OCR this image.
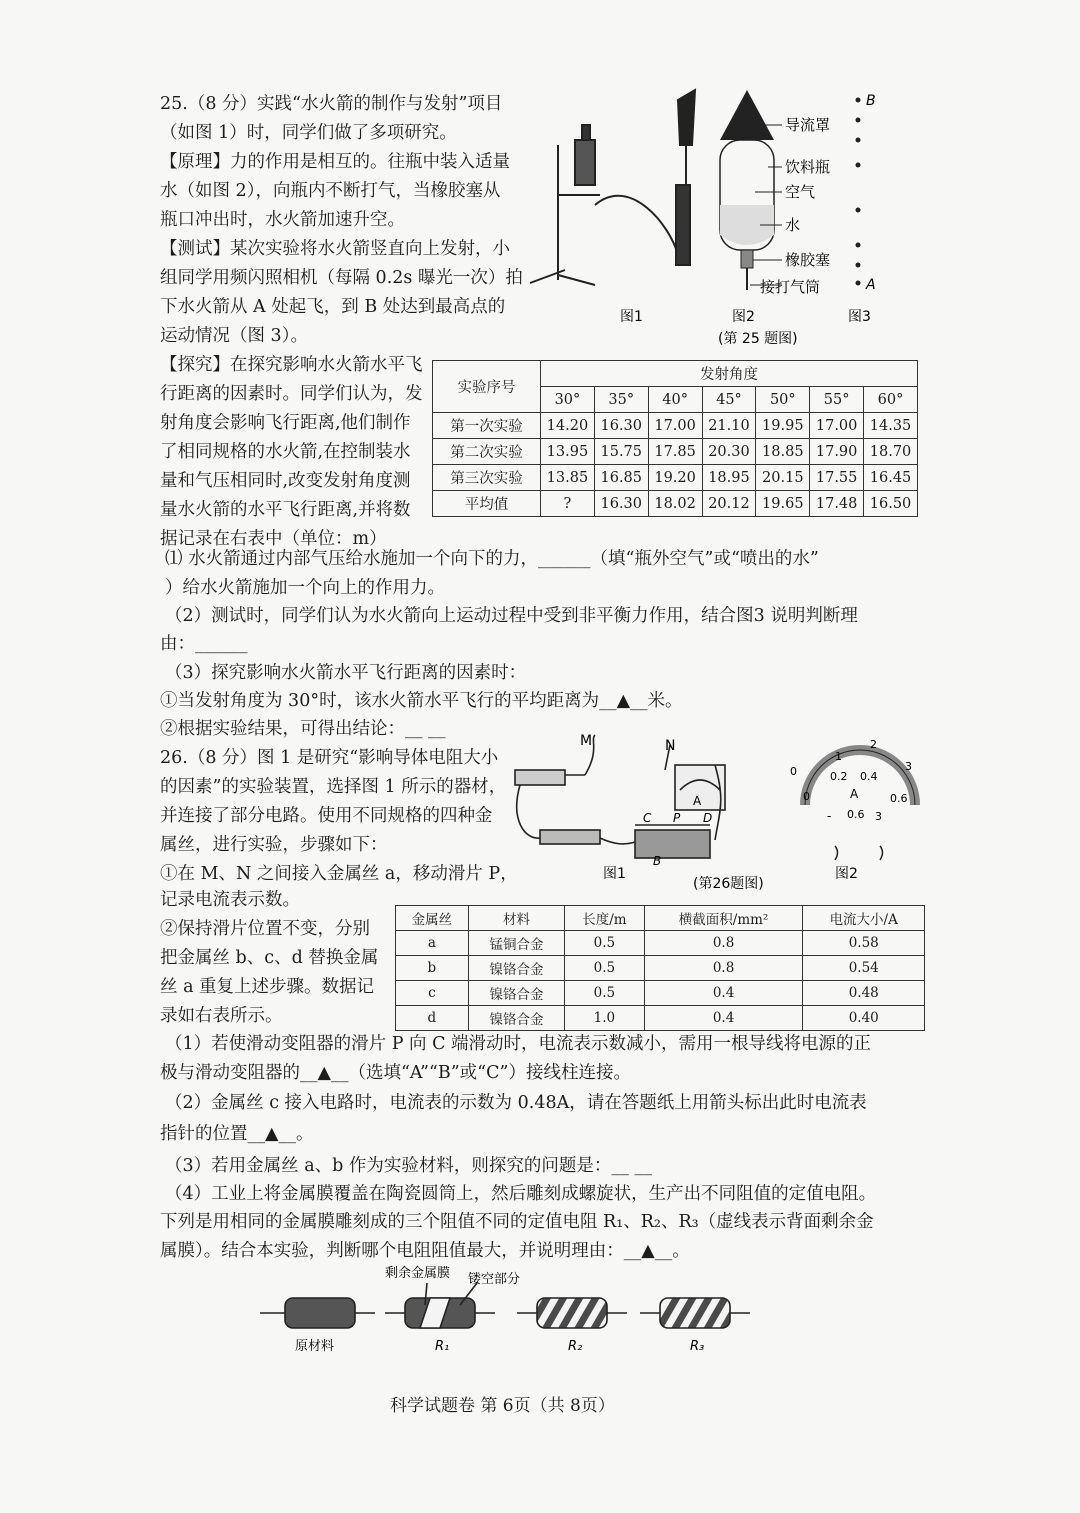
25.（8 分）实践“水火箭的制作与发射”项目
（如图 1）时，同学们做了多项研究。
【原理】力的作用是相互的。往瓶中装入适量
水（如图 2），向瓶内不断打气，当橡胶塞从
瓶口冲出时，水火箭加速升空。
【测试】某次实验将水火箭竖直向上发射，小
组同学用频闪照相机（每隔 0.2s 曝光一次）拍
下水火箭从 A 处起飞，到 B 处达到最高点的
运动情况（图 3）。
【探究】在探究影响水火箭水平飞
行距离的因素时。同学们认为，发
射角度会影响飞行距离,他们制作
了相同规格的水火箭,在控制装水
量和气压相同时,改变发射角度测
量水火箭的水平飞行距离,并将数
据记录在右表中（单位：m）
图1
导流罩
饮料瓶
空气
水
橡胶塞
接打气筒
图2
B
A
图3
(第 25 题图)
实验序号	发射角度						
	30°	35°	40°	45°	50°	55°	60°
第一次实验	14.20	16.30	17.00	21.10	19.95	17.00	14.35
第二次实验	13.95	15.75	17.85	20.30	18.85	17.90	18.70
第三次实验	13.85	16.85	19.20	18.95	20.15	17.55	16.45
平均值	?	16.30	18.02	20.12	19.65	17.48	16.50
⑴ 水火箭通过内部气压给水施加一个向下的力，______（填“瓶外空气”或“喷出的水”
）给水火箭施加一个向上的作用力。
（2）测试时，同学们认为水火箭向上运动过程中受到非平衡力作用，结合图3 说明判断理
由：______
（3）探究影响水火箭水平飞行距离的因素时：
①当发射角度为 30°时，该水火箭水平飞行的平均距离为__▲__米。
②根据实验结果，可得出结论：__ __
26.（8 分）图 1 是研究“影响导体电阻大小
的因素”的实验装置，选择图 1 所示的器材，
并连接了部分电路。使用不同规格的四种金
属丝，进行实验，步骤如下：
①在 M、N 之间接入金属丝 a，移动滑片 P，
记录电流表示数。
②保持滑片位置不变，分别
把金属丝 b、c、d 替换金属
丝 a 重复上述步骤。数据记
录如右表所示。
M	N
A
B
C	D
P
图1
(第26题图)
0
1
2
3
0
0.2 0.4
0.6
A
- 0.6 3
图2
金属丝	材料	长度/m	横截面积/mm²	电流大小/A
a	锰铜合金	0.5	0.8	0.58
b	镍铬合金	0.5	0.8	0.54
c	镍铬合金	0.5	0.4	0.48
d	镍铬合金	1.0	0.4	0.40
（1）若使滑动变阻器的滑片 P 向 C 端滑动时，电流表示数减小，需用一根导线将电源的正
极与滑动变阻器的__▲__（选填“A”“B”或“C”）接线柱连接。
（2）金属丝 c 接入电路时，电流表的示数为 0.48A，请在答题纸上用箭头标出此时电流表
指针的位置__▲__。
（3）若用金属丝 a、b 作为实验材料，则探究的问题是：__ __
（4）工业上将金属膜覆盖在陶瓷圆筒上，然后雕刻成螺旋状，生产出不同阻值的定值电阻。
下列是用相同的金属膜雕刻成的三个阻值不同的定值电阻 R₁、R₂、R₃（虚线表示背面剩余金
属膜）。结合本实验，判断哪个电阻阻值最大，并说明理由：__▲__。
剩余金属膜 镂空部分
原材料	R₁	R₂	R₃
科学试题卷 第 6页（共 8页）
